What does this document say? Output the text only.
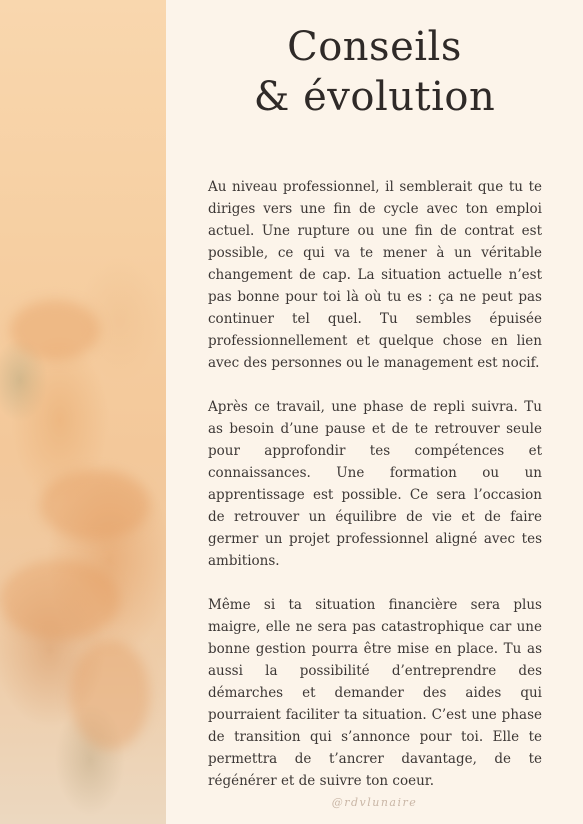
Conseils
& évolution

Au niveau professionnel, il semblerait que tu te diriges vers une fin de cycle avec ton emploi actuel. Une rupture ou une fin de contrat est possible, ce qui va te mener à un véritable changement de cap. La situation actuelle n’est pas bonne pour toi là où tu es : ça ne peut pas continuer tel quel. Tu sembles épuisée professionnellement et quelque chose en lien avec des personnes ou le management est nocif.

Après ce travail, une phase de repli suivra. Tu as besoin d’une pause et de te retrouver seule pour approfondir tes compétences et connaissances. Une formation ou un apprentissage est possible. Ce sera l’occasion de retrouver un équilibre de vie et de faire germer un projet professionnel aligné avec tes ambitions.

Même si ta situation financière sera plus maigre, elle ne sera pas catastrophique car une bonne gestion pourra être mise en place. Tu as aussi la possibilité d’entreprendre des démarches et demander des aides qui pourraient faciliter ta situation. C’est une phase de transition qui s’annonce pour toi. Elle te permettra de t’ancrer davantage, de te régénérer et de suivre ton coeur.

@rdvlunaire
